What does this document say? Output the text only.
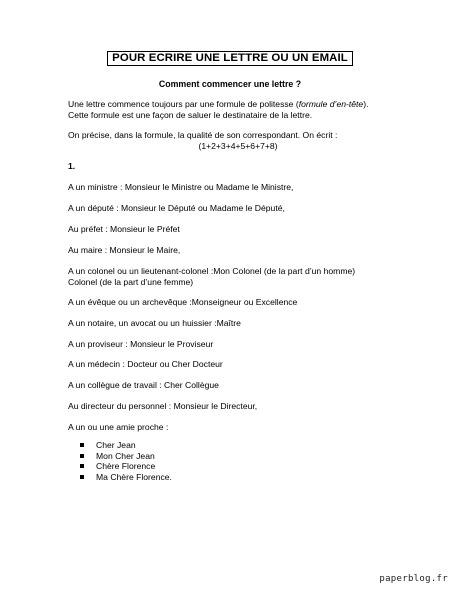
POUR ECRIRE UNE LETTRE OU UN EMAIL
Comment commencer une lettre ?
Une lettre commence toujours par une formule de politesse (formule d’en-tête).
Cette formule est une façon de saluer le destinataire de la lettre.
On précise, dans la formule, la qualité de son correspondant. On écrit :
(1+2+3+4+5+6+7+8)
1.
A un ministre : Monsieur le Ministre ou Madame le Ministre,
A un député : Monsieur le Député ou Madame le Député,
Au préfet : Monsieur le Préfet
Au maire : Monsieur le Maire,
A un colonel ou un lieutenant-colonel :Mon Colonel (de la part d’un homme)
Colonel (de la part d’une femme)
A un évêque ou un archevêque :Monseigneur ou Excellence
A un notaire, un avocat ou un huissier :Maître
A un proviseur : Monsieur le Proviseur
A un médecin : Docteur ou Cher Docteur
A un collègue de travail : Cher Collègue
Au directeur du personnel : Monsieur le Directeur,
A un ou une amie proche :
Cher Jean
Mon Cher Jean
Chère Florence
Ma Chère Florence.
paperblog.fr
